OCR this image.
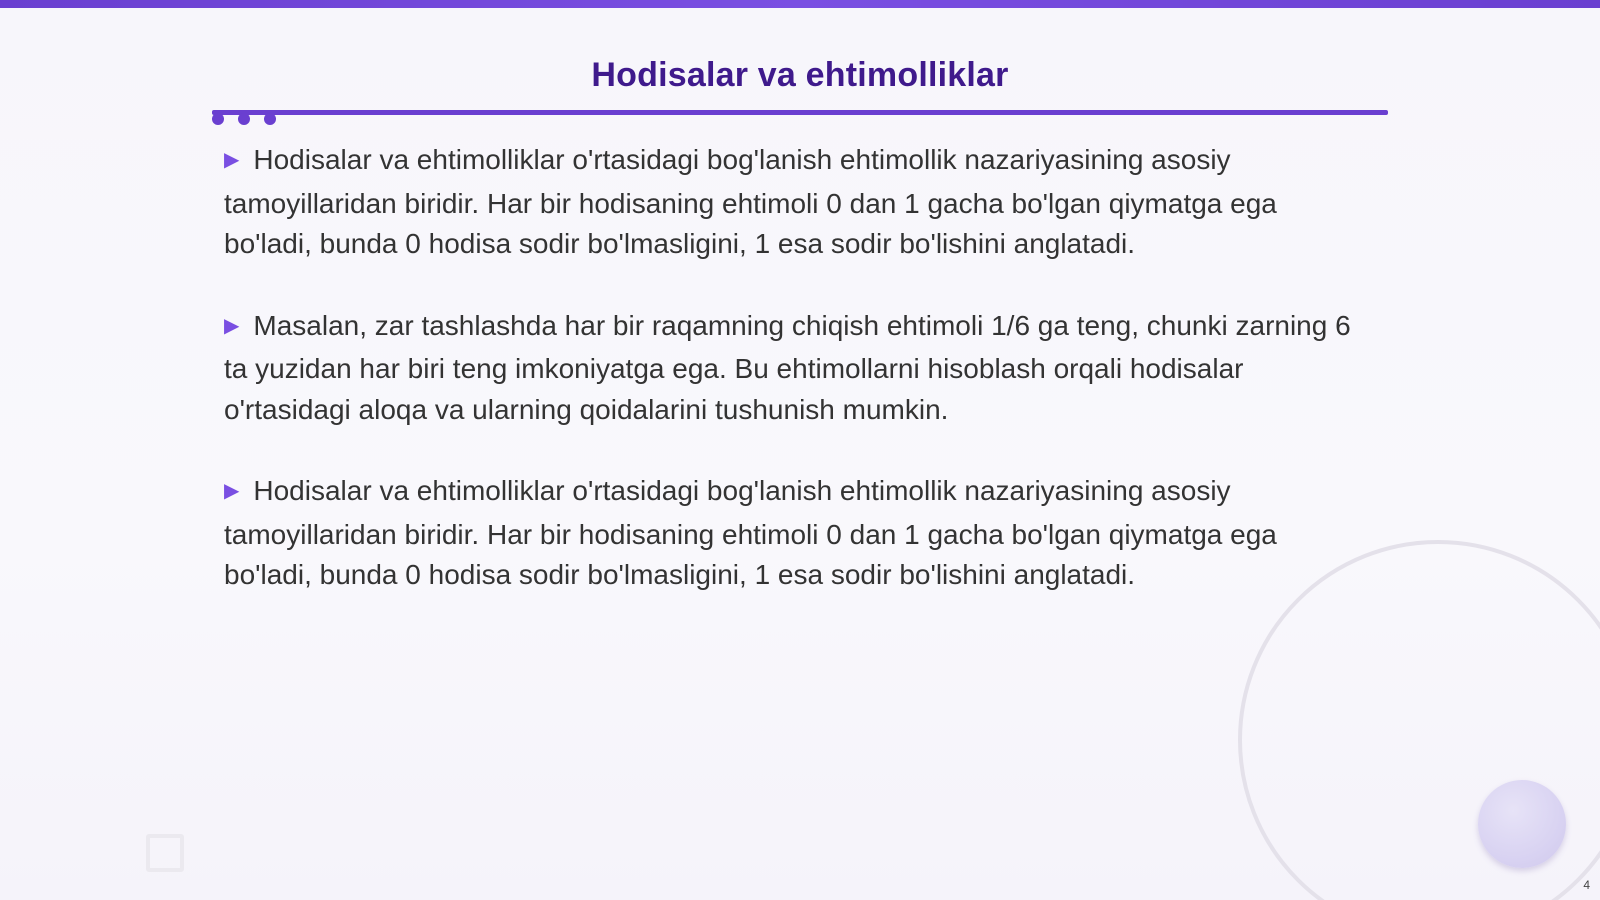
Hodisalar va ehtimolliklar

▶ Hodisalar va ehtimolliklar o'rtasidagi bog'lanish ehtimollik nazariyasining asosiy tamoyillaridan biridir. Har bir hodisaning ehtimoli 0 dan 1 gacha bo'lgan qiymatga ega bo'ladi, bunda 0 hodisa sodir bo'lmasligini, 1 esa sodir bo'lishini anglatadi.

▶ Masalan, zar tashlashda har bir raqamning chiqish ehtimoli 1/6 ga teng, chunki zarning 6 ta yuzidan har biri teng imkoniyatga ega. Bu ehtimollarni hisoblash orqali hodisalar o'rtasidagi aloqa va ularning qoidalarini tushunish mumkin.

▶ Hodisalar va ehtimolliklar o'rtasidagi bog'lanish ehtimollik nazariyasining asosiy tamoyillaridan biridir. Har bir hodisaning ehtimoli 0 dan 1 gacha bo'lgan qiymatga ega bo'ladi, bunda 0 hodisa sodir bo'lmasligini, 1 esa sodir bo'lishini anglatadi.

4
